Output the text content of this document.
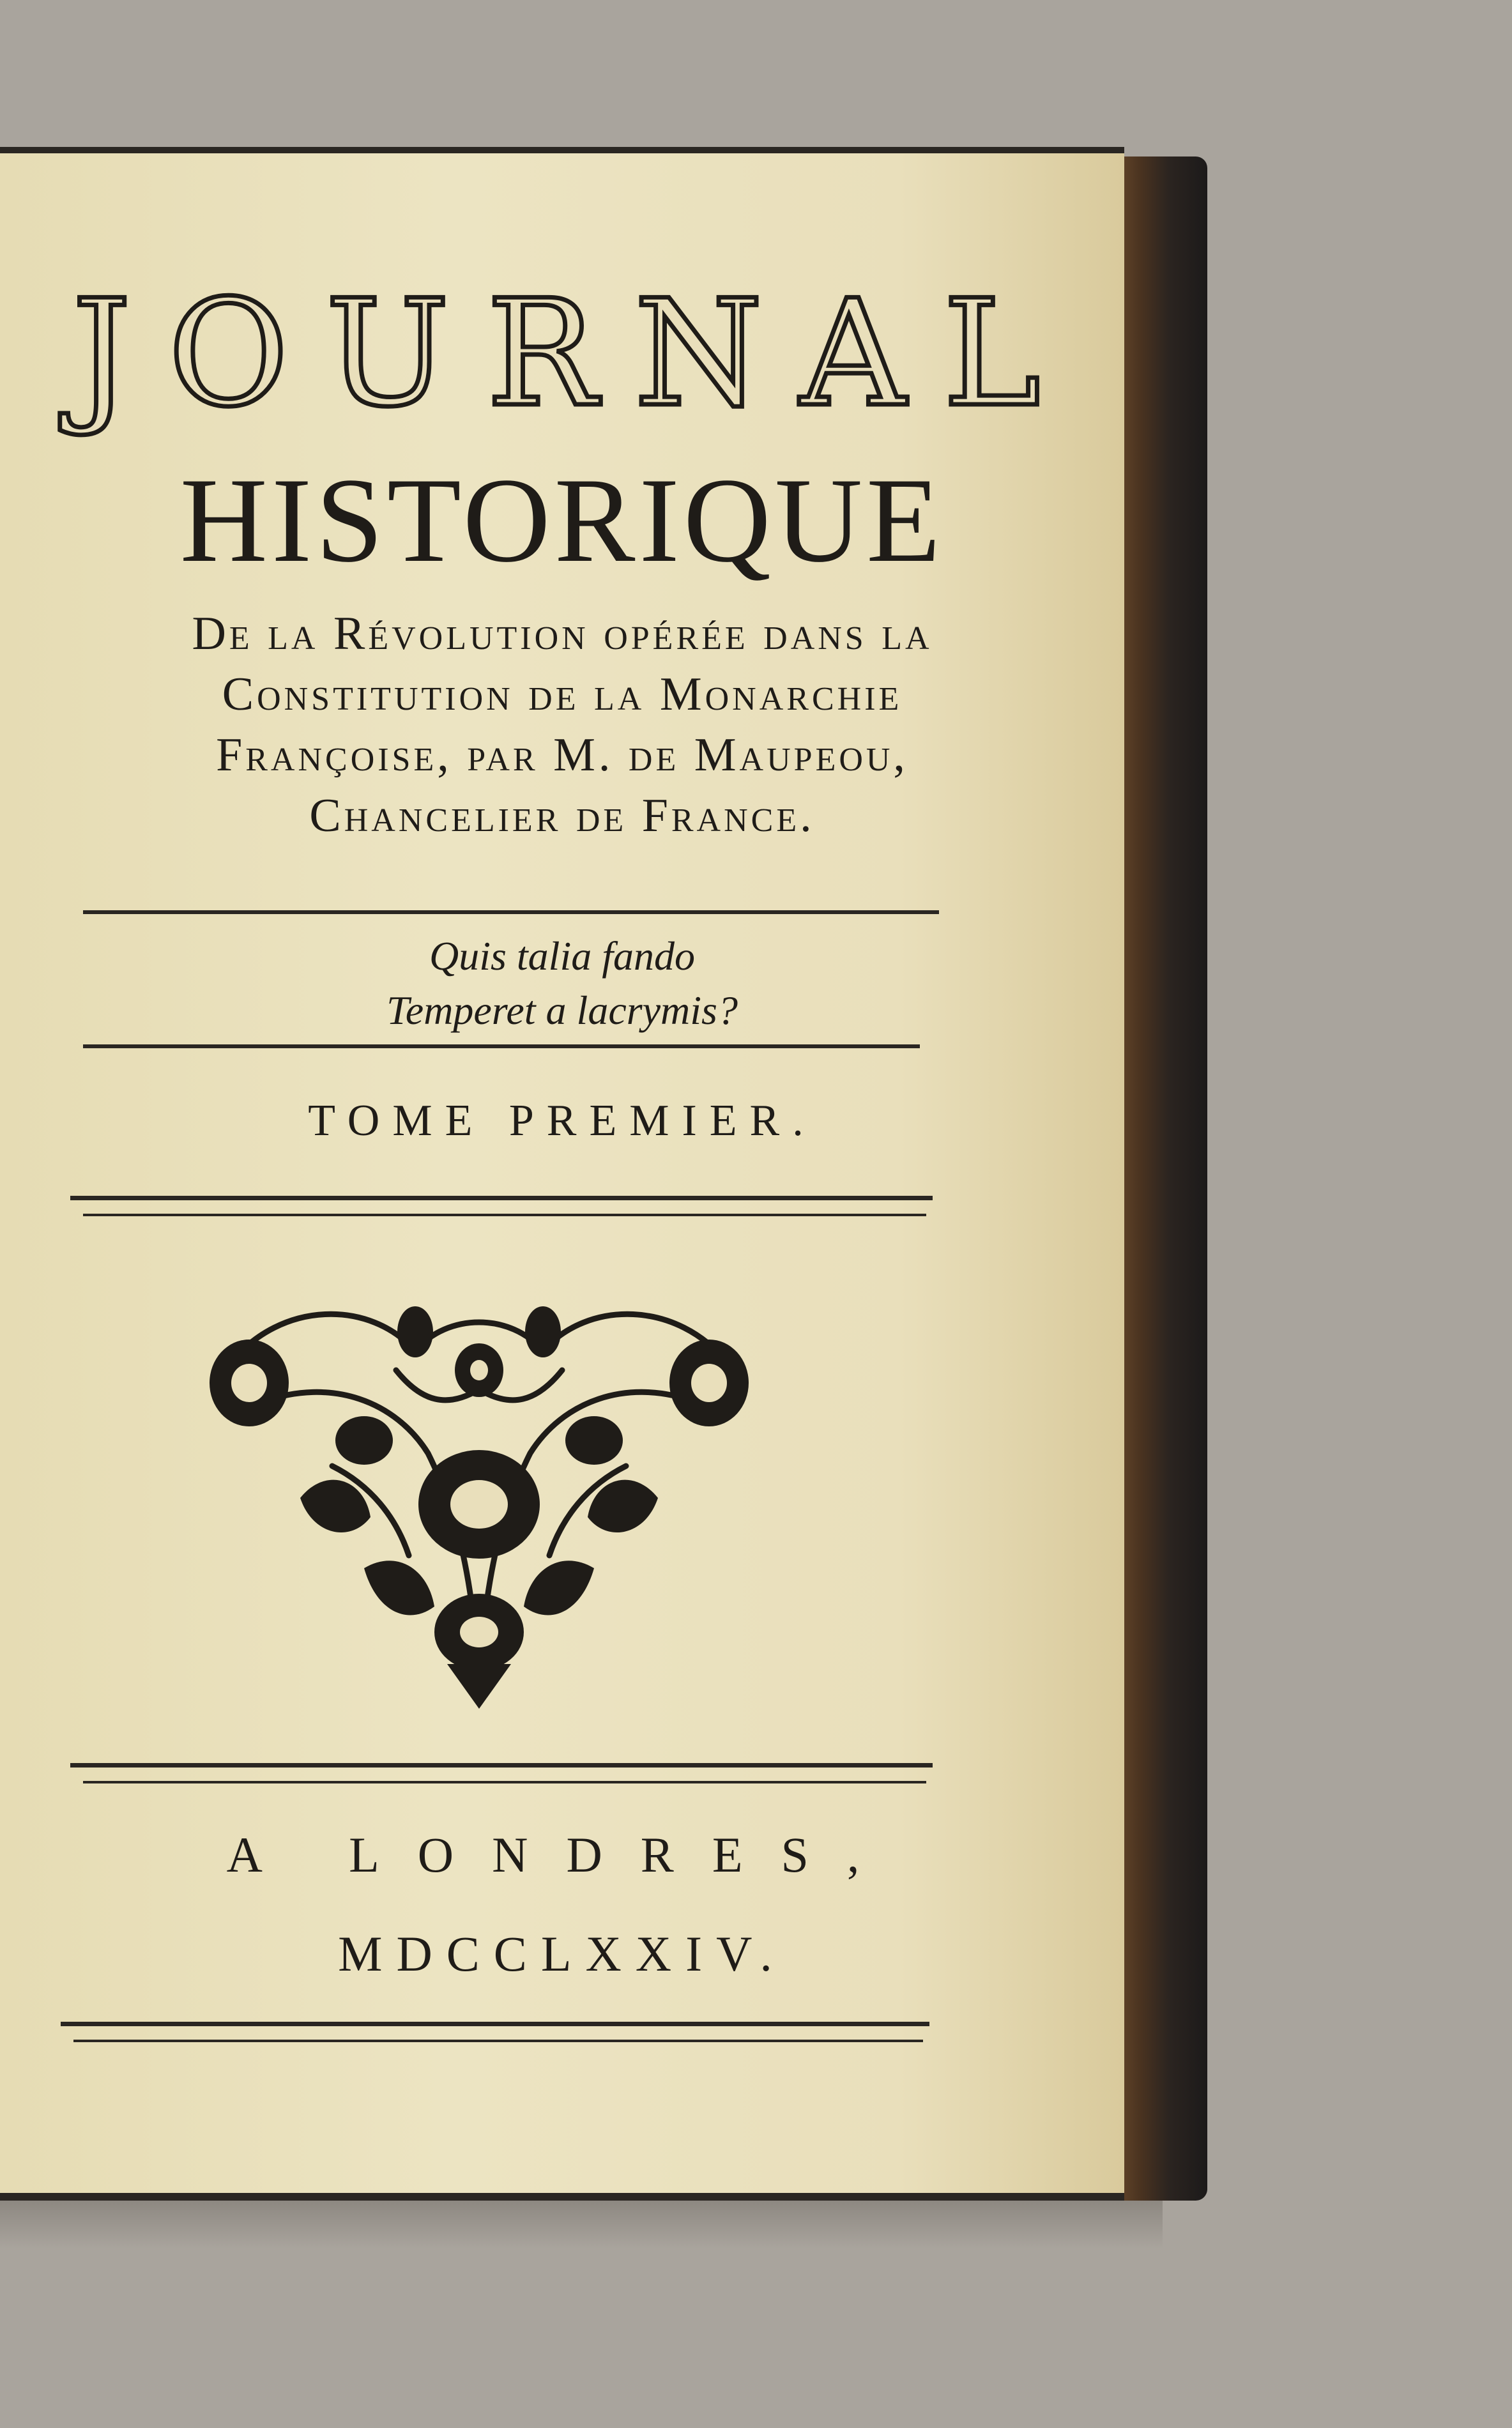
JOURNAL
HISTORIQUE
De la Révolution opérée dans la
Constitution de la Monarchie
Françoise, par M. de Maupeou,
Chancelier de France.
Quis talia fando
Temperet a lacrymis?
TOME PREMIER.
A LONDRES,
MDCCLXXIV.
